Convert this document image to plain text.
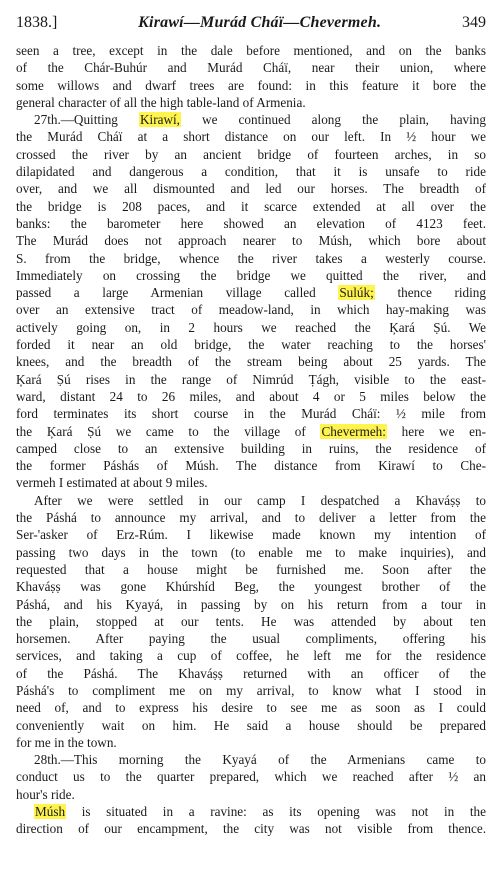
1838.]	Kirawí—Murád Cháï—Chevermeh.	349
seen a tree, except in the dale before mentioned, and on the banks
of the Chár-Buhúr and Murád Cháï, near their union, where
some willows and dwarf trees are found: in this feature it bore the
general character of all the high table-land of Armenia.
27th.—Quitting Kirawí, we continued along the plain, having
the Murád Cháï at a short distance on our left. In ½ hour we
crossed the river by an ancient bridge of fourteen arches, in so
dilapidated and dangerous a condition, that it is unsafe to ride
over, and we all dismounted and led our horses. The breadth of
the bridge is 208 paces, and it scarce extended at all over the
banks: the barometer here showed an elevation of 4123 feet.
The Murád does not approach nearer to Músh, which bore about
S. from the bridge, whence the river takes a westerly course.
Immediately on crossing the bridge we quitted the river, and
passed a large Armenian village called Sulúk; thence riding
over an extensive tract of meadow-land, in which hay-making was
actively going on, in 2 hours we reached the Ķará Ṣú. We
forded it near an old bridge, the water reaching to the horses'
knees, and the breadth of the stream being about 25 yards. The
Ķará Ṣú rises in the range of Nimrúd Ṭágh, visible to the east-
ward, distant 24 to 26 miles, and about 4 or 5 miles below the
ford terminates its short course in the Murád Cháï: ½ mile from
the Ķará Ṣú we came to the village of Chevermeh: here we en-
camped close to an extensive building in ruins, the residence of
the former Páshás of Músh. The distance from Kirawí to Che-
vermeh I estimated at about 9 miles.
After we were settled in our camp I despatched a Khaváṣṣ to
the Páshá to announce my arrival, and to deliver a letter from the
Ser-'asker of Erz-Rúm. I likewise made known my intention of
passing two days in the town (to enable me to make inquiries), and
requested that a house might be furnished me. Soon after the
Khaváṣṣ was gone Khúrshíd Beg, the youngest brother of the
Páshá, and his Kyayá, in passing by on his return from a tour in
the plain, stopped at our tents. He was attended by about ten
horsemen. After paying the usual compliments, offering his
services, and taking a cup of coffee, he left me for the residence
of the Páshá. The Khaváṣṣ returned with an officer of the
Páshá's to compliment me on my arrival, to know what I stood in
need of, and to express his desire to see me as soon as I could
conveniently wait on him. He said a house should be prepared
for me in the town.
28th.—This morning the Kyayá of the Armenians came to
conduct us to the quarter prepared, which we reached after ½ an
hour's ride.
Músh is situated in a ravine: as its opening was not in the
direction of our encampment, the city was not visible from thence.
